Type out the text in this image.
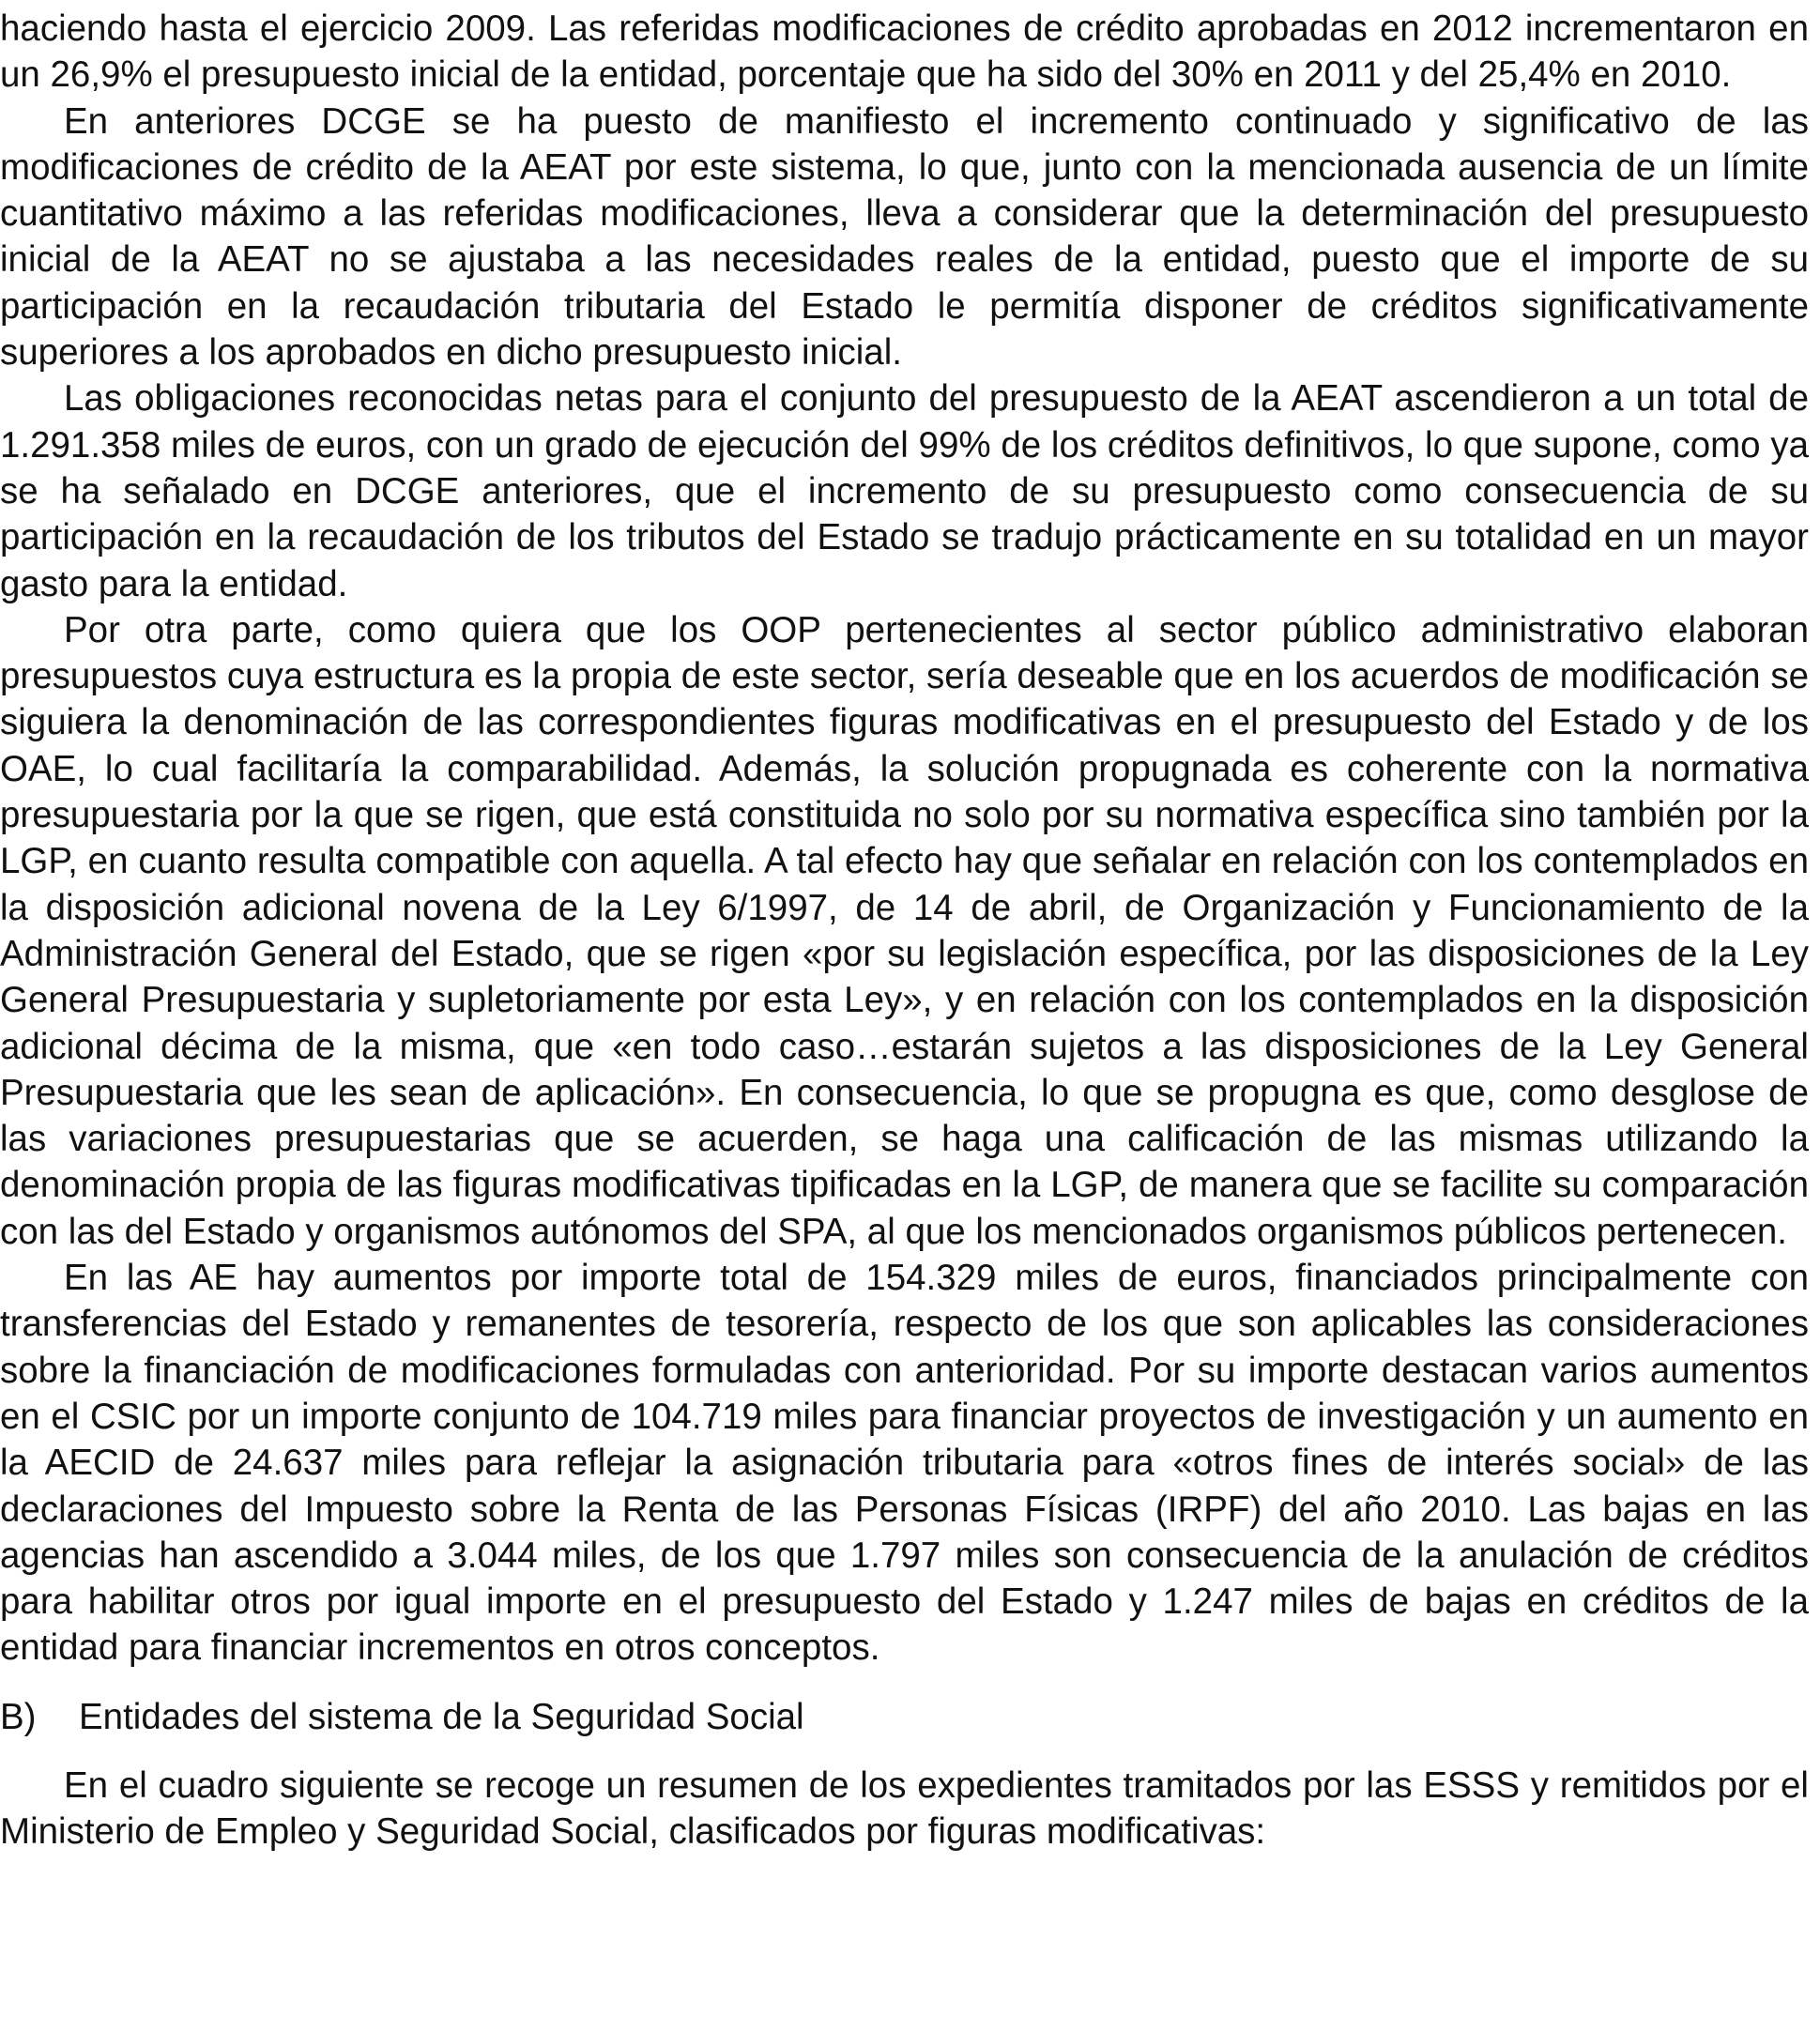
haciendo hasta el ejercicio 2009. Las referidas modificaciones de crédito aprobadas en 2012 incrementaron en un 26,9% el presupuesto inicial de la entidad, porcentaje que ha sido del 30% en 2011 y del 25,4% en 2010.

En anteriores DCGE se ha puesto de manifiesto el incremento continuado y significativo de las modificaciones de crédito de la AEAT por este sistema, lo que, junto con la mencionada ausencia de un límite cuantitativo máximo a las referidas modificaciones, lleva a considerar que la determinación del presupuesto inicial de la AEAT no se ajustaba a las necesidades reales de la entidad, puesto que el importe de su participación en la recaudación tributaria del Estado le permitía disponer de créditos significativamente superiores a los aprobados en dicho presupuesto inicial.

Las obligaciones reconocidas netas para el conjunto del presupuesto de la AEAT ascendieron a un total de 1.291.358 miles de euros, con un grado de ejecución del 99% de los créditos definitivos, lo que supone, como ya se ha señalado en DCGE anteriores, que el incremento de su presupuesto como consecuencia de su participación en la recaudación de los tributos del Estado se tradujo prácticamente en su totalidad en un mayor gasto para la entidad.

Por otra parte, como quiera que los OOP pertenecientes al sector público administrativo elaboran presupuestos cuya estructura es la propia de este sector, sería deseable que en los acuerdos de modificación se siguiera la denominación de las correspondientes figuras modificativas en el presupuesto del Estado y de los OAE, lo cual facilitaría la comparabilidad. Además, la solución propugnada es coherente con la normativa presupuestaria por la que se rigen, que está constituida no solo por su normativa específica sino también por la LGP, en cuanto resulta compatible con aquella. A tal efecto hay que señalar en relación con los contemplados en la disposición adicional novena de la Ley 6/1997, de 14 de abril, de Organización y Funcionamiento de la Administración General del Estado, que se rigen «por su legislación específica, por las disposiciones de la Ley General Presupuestaria y supletoriamente por esta Ley», y en relación con los contemplados en la disposición adicional décima de la misma, que «en todo caso…estarán sujetos a las disposiciones de la Ley General Presupuestaria que les sean de aplicación». En consecuencia, lo que se propugna es que, como desglose de las variaciones presupuestarias que se acuerden, se haga una calificación de las mismas utilizando la denominación propia de las figuras modificativas tipificadas en la LGP, de manera que se facilite su comparación con las del Estado y organismos autónomos del SPA, al que los mencionados organismos públicos pertenecen.

En las AE hay aumentos por importe total de 154.329 miles de euros, financiados principalmente con transferencias del Estado y remanentes de tesorería, respecto de los que son aplicables las consideraciones sobre la financiación de modificaciones formuladas con anterioridad. Por su importe destacan varios aumentos en el CSIC por un importe conjunto de 104.719 miles para financiar proyectos de investigación y un aumento en la AECID de 24.637 miles para reflejar la asignación tributaria para «otros fines de interés social» de las declaraciones del Impuesto sobre la Renta de las Personas Físicas (IRPF) del año 2010. Las bajas en las agencias han ascendido a 3.044 miles, de los que 1.797 miles son consecuencia de la anulación de créditos para habilitar otros por igual importe en el presupuesto del Estado y 1.247 miles de bajas en créditos de la entidad para financiar incrementos en otros conceptos.

B)	Entidades del sistema de la Seguridad Social

En el cuadro siguiente se recoge un resumen de los expedientes tramitados por las ESSS y remitidos por el Ministerio de Empleo y Seguridad Social, clasificados por figuras modificativas:
